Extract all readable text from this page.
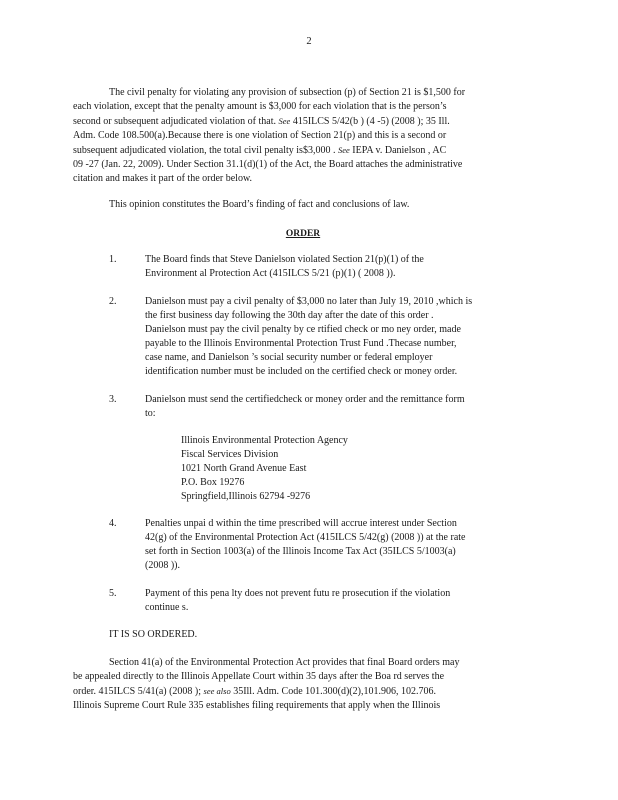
2
The civil penalty for violating any provision of subsection (p) of Section 21 is $1,500 for
each violation, except that the penalty amount is $3,000 for each violation that is the person’s
second or subsequent adjudicated violation of that. See 415ILCS 5/42(b ) (4 -5) (2008 ); 35 Ill.
Adm. Code 108.500(a).Because there is one violation of Section 21(p) and this is a second or
subsequent adjudicated violation, the total civil penalty is$3,000 . See IEPA v. Danielson , AC
09 -27 (Jan. 22, 2009). Under Section 31.1(d)(1) of the Act, the Board attaches the administrative
citation and makes it part of the order below.
This opinion constitutes the Board’s finding of fact and conclusions of law.
ORDER
1.	The Board finds that Steve Danielson violated Section 21(p)(1) of the
Environment al Protection Act (415ILCS 5/21 (p)(1) ( 2008 )).
2.	Danielson must pay a civil penalty of $3,000 no later than July 19, 2010 ,which is
the first business day following the 30th day after the date of this order .
Danielson must pay the civil penalty by ce rtified check or mo ney order, made
payable to the Illinois Environmental Protection Trust Fund .Thecase number,
case name, and Danielson ’s social security number or federal employer
identification number must be included on the certified check or money order.
3.	Danielson must send the certifiedcheck or money order and the remittance form
to:
Illinois Environmental Protection Agency
Fiscal Services Division
1021 North Grand Avenue East
P.O. Box 19276
Springfield,Illinois 62794 -9276
4.	Penalties unpai d within the time prescribed will accrue interest under Section
42(g) of the Environmental Protection Act (415ILCS 5/42(g) (2008 )) at the rate
set forth in Section 1003(a) of the Illinois Income Tax Act (35ILCS 5/1003(a)
(2008 )).
5.	Payment of this pena lty does not prevent futu re prosecution if the violation
continue s.
IT IS SO ORDERED.
Section 41(a) of the Environmental Protection Act provides that final Board orders may
be appealed directly to the Illinois Appellate Court within 35 days after the Boa rd serves the
order. 415ILCS 5/41(a) (2008 ); see also 35Ill. Adm. Code 101.300(d)(2),101.906, 102.706.
Illinois Supreme Court Rule 335 establishes filing requirements that apply when the Illinois
